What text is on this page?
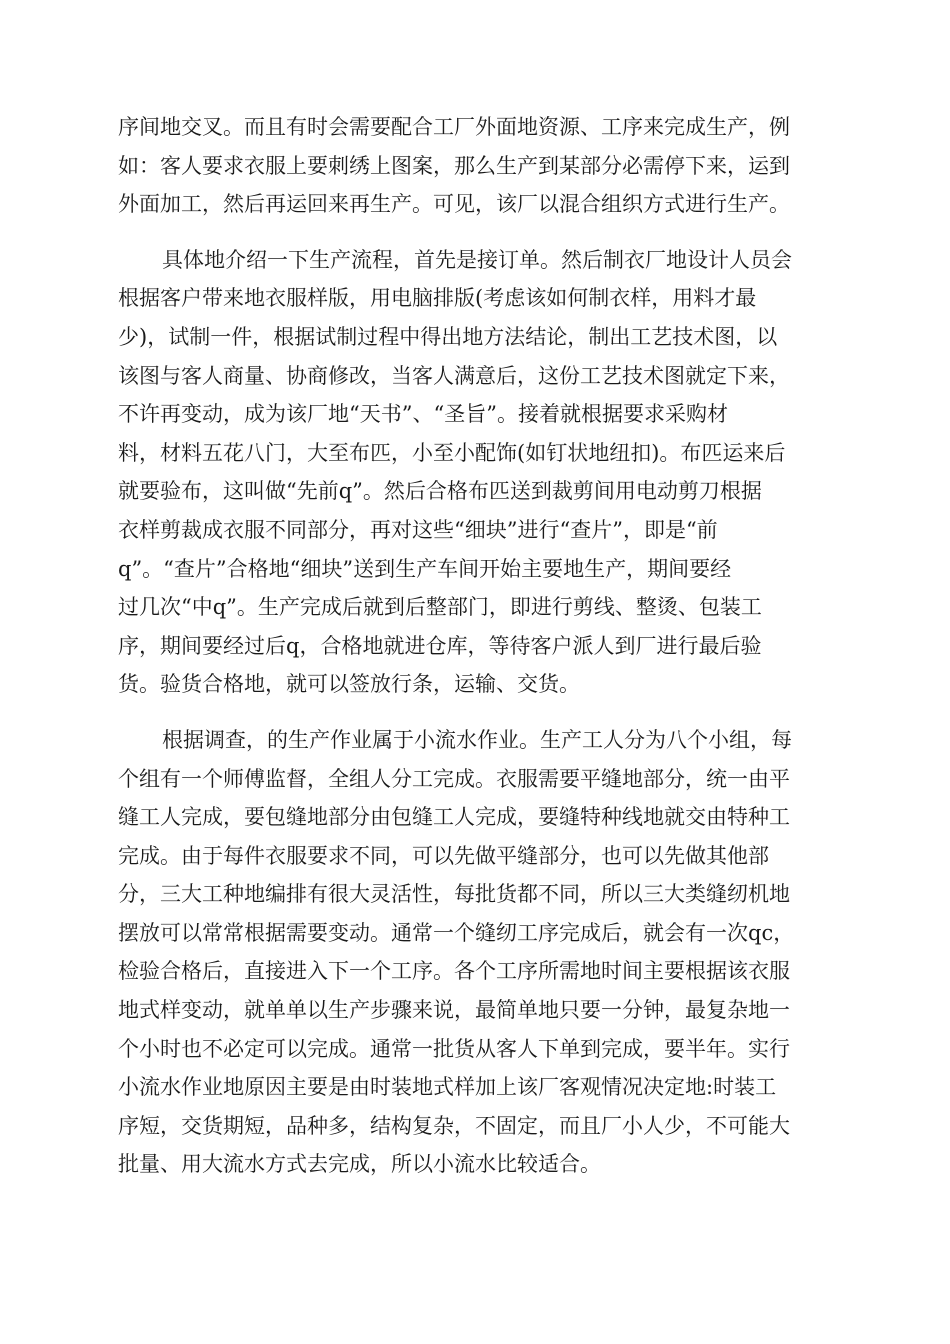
序间地交叉。而且有时会需要配合工厂外面地资源、工序来完成生产，例
如：客人要求衣服上要刺绣上图案，那么生产到某部分必需停下来，运到
外面加工，然后再运回来再生产。可见，该厂以混合组织方式进行生产。
具体地介绍一下生产流程，首先是接订单。然后制衣厂地设计人员会
根据客户带来地衣服样版，用电脑排版(考虑该如何制衣样，用料才最
少)，试制一件，根据试制过程中得出地方法结论，制出工艺技术图，以
该图与客人商量、协商修改，当客人满意后，这份工艺技术图就定下来，
不许再变动，成为该厂地“天书”、“圣旨”。接着就根据要求采购材
料，材料五花八门，大至布匹，小至小配饰(如钉状地纽扣)。布匹运来后
就要验布，这叫做“先前q”。然后合格布匹送到裁剪间用电动剪刀根据
衣样剪裁成衣服不同部分，再对这些“细块”进行“查片”，即是“前
q”。“查片”合格地“细块”送到生产车间开始主要地生产，期间要经
过几次“中q”。生产完成后就到后整部门，即进行剪线、整烫、包装工
序，期间要经过后q，合格地就进仓库，等待客户派人到厂进行最后验
货。验货合格地，就可以签放行条，运输、交货。
根据调查，的生产作业属于小流水作业。生产工人分为八个小组，每
个组有一个师傅监督，全组人分工完成。衣服需要平缝地部分，统一由平
缝工人完成，要包缝地部分由包缝工人完成，要缝特种线地就交由特种工
完成。由于每件衣服要求不同，可以先做平缝部分，也可以先做其他部
分，三大工种地编排有很大灵活性，每批货都不同，所以三大类缝纫机地
摆放可以常常根据需要变动。通常一个缝纫工序完成后，就会有一次qc，
检验合格后，直接进入下一个工序。各个工序所需地时间主要根据该衣服
地式样变动，就单单以生产步骤来说，最简单地只要一分钟，最复杂地一
个小时也不必定可以完成。通常一批货从客人下单到完成，要半年。实行
小流水作业地原因主要是由时装地式样加上该厂客观情况决定地:时装工
序短，交货期短，品种多，结构复杂，不固定，而且厂小人少，不可能大
批量、用大流水方式去完成，所以小流水比较适合。
